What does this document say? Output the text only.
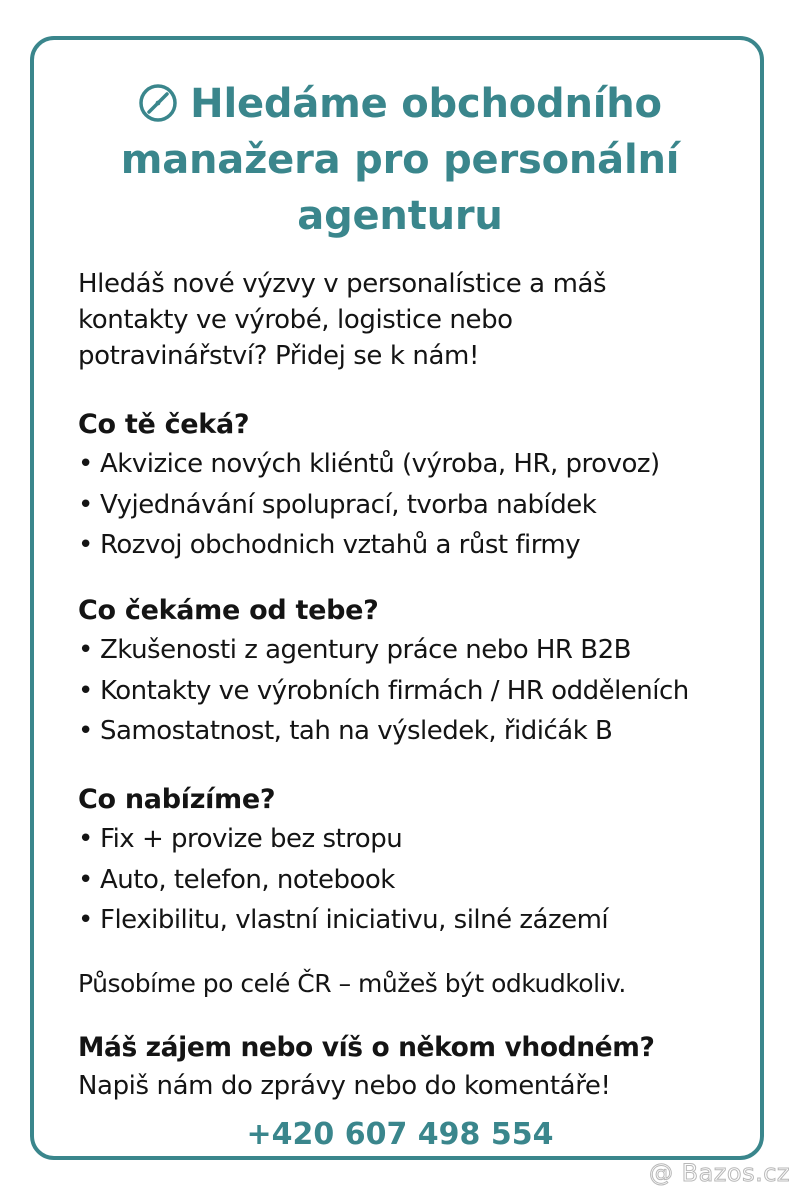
Hledáme obchodního
manažera pro personální
agenturu
Hledáš nové výzvy v personalístice a máš
kontakty ve výrobé, logistice nebo
potravinářství? Přidej se k nám!
Co tě čeká?
• Akvizice nových kliéntů (výroba, HR, provoz)
• Vyjednávání spoluprací, tvorba nabídek
• Rozvoj obchodnich vztahů a růst firmy
Co čekáme od tebe?
• Zkušenosti z agentury práce nebo HR B2B
• Kontakty ve výrobních firmách / HR odděleních
• Samostatnost, tah na výsledek, řidićák B
Co nabízíme?
• Fix + provize bez stropu
• Auto, telefon, notebook
• Flexibilitu, vlastní iniciativu, silné zázemí
Působíme po celé ČR – můžeš být odkudkoliv.
Máš zájem nebo víš o někom vhodném?
Napiš nám do zprávy nebo do komentáře!
+420 607 498 554
@ Bazos.cz
